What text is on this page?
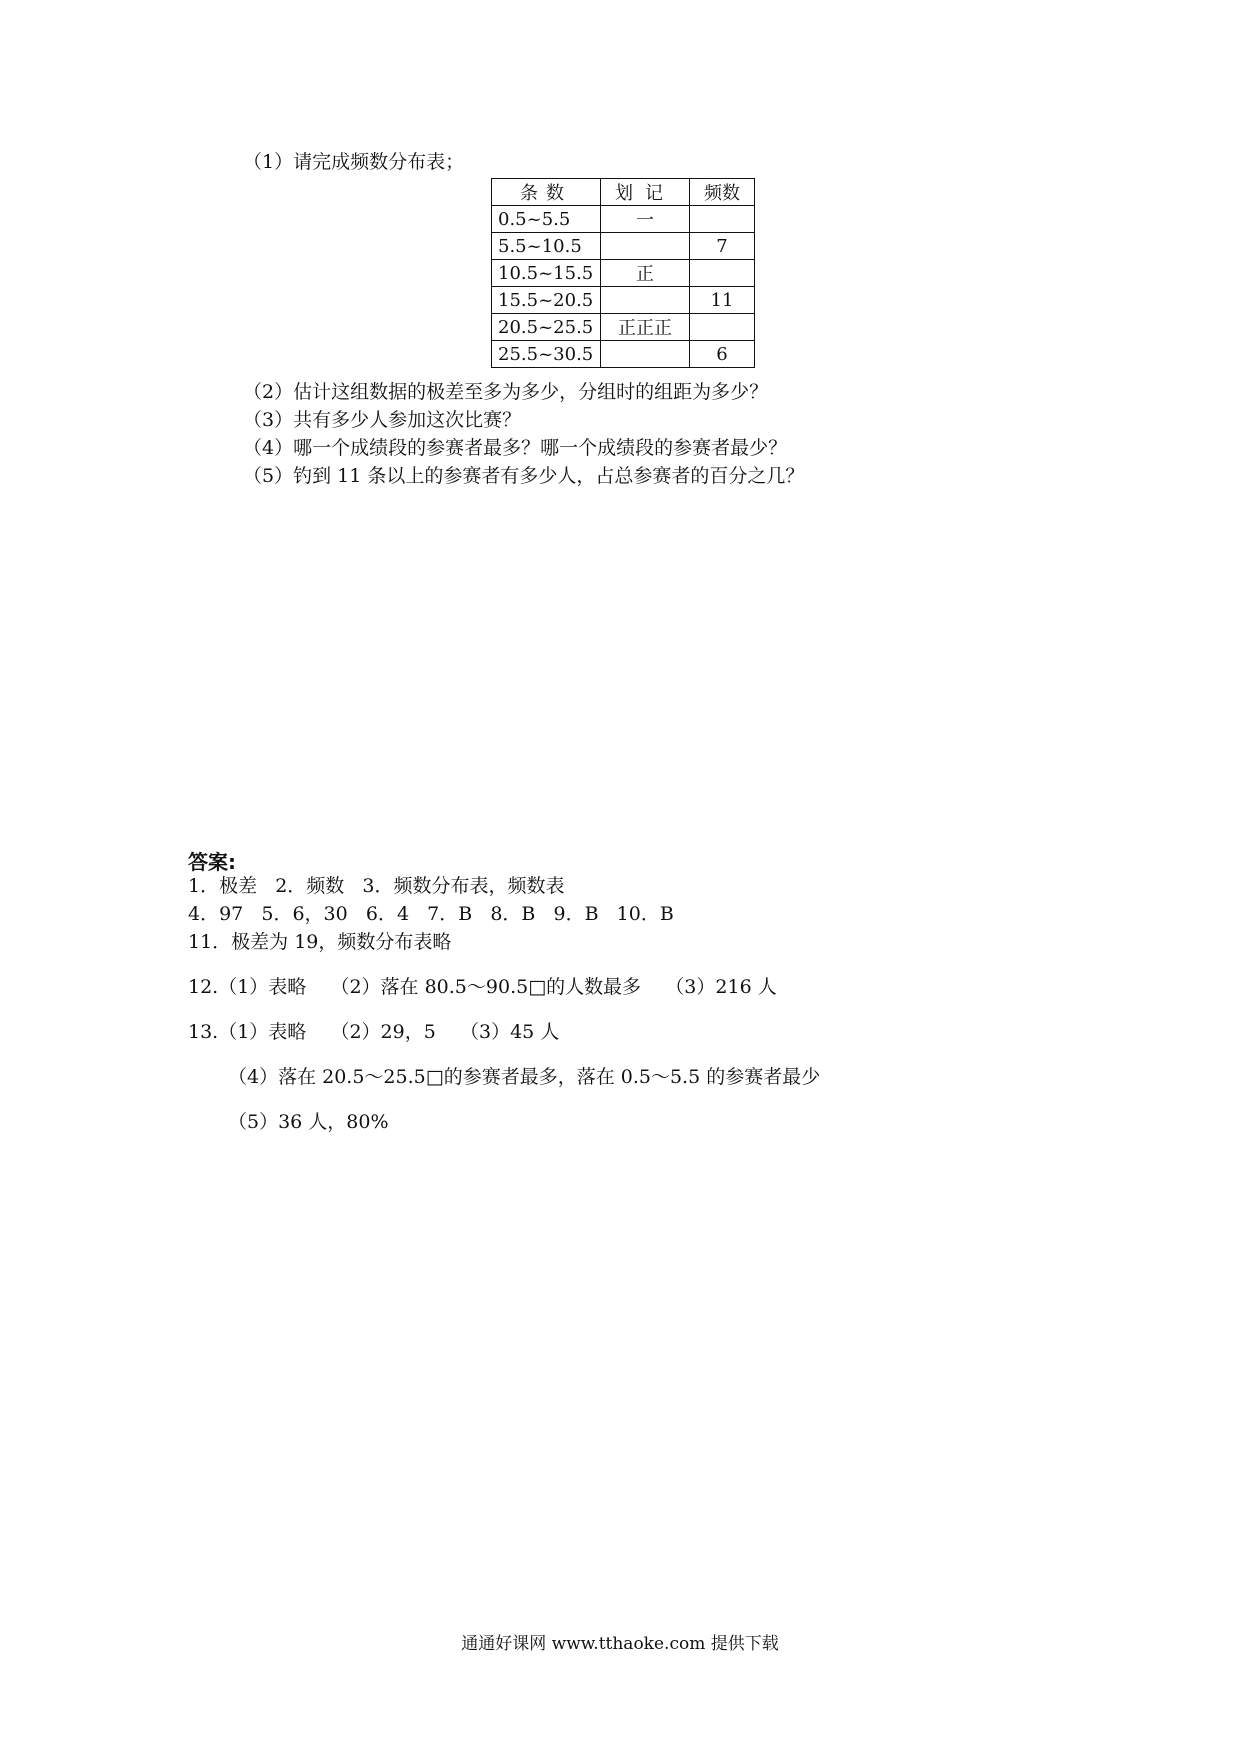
（1）请完成频数分布表；
条数	划记	频数
0.5~5.5	一	
5.5~10.5		7
10.5~15.5	正	
15.5~20.5		11
20.5~25.5	正正正	
25.5~30.5		6
（2）估计这组数据的极差至多为多少，分组时的组距为多少？
（3）共有多少人参加这次比赛？
（4）哪一个成绩段的参赛者最多？哪一个成绩段的参赛者最少？
（5）钓到 11 条以上的参赛者有多少人，占总参赛者的百分之几？
答案:
1．极差   2．频数   3．频数分布表，频数表
4．97   5．6，30   6．4   7．B   8．B   9．B   10．B
11．极差为 19，频数分布表略
12.（1）表略    （2）落在 80.5～90.5□的人数最多    （3）216 人
13.（1）表略    （2）29，5    （3）45 人
（4）落在 20.5～25.5□的参赛者最多，落在 0.5～5.5 的参赛者最少
（5）36 人，80%
通通好课网 www.tthaoke.com 提供下载
